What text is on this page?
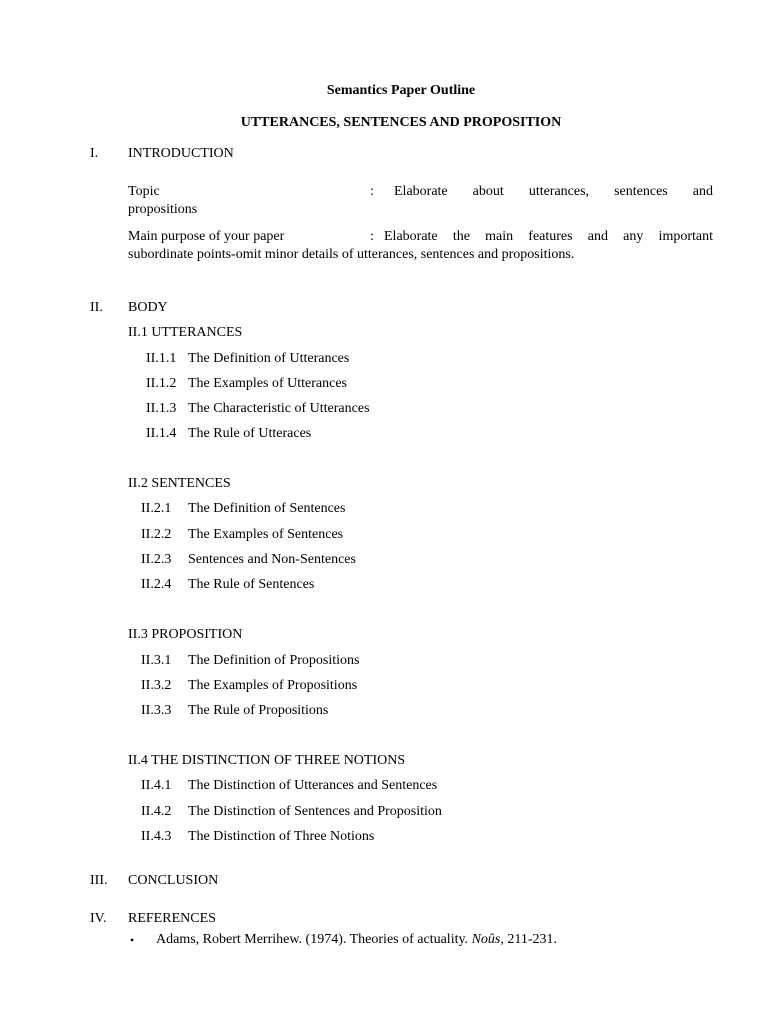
Semantics Paper Outline
UTTERANCES, SENTENCES AND PROPOSITION
I. INTRODUCTION
Topic	: Elaborate about utterances, sentences and
propositions
Main purpose of your paper	: Elaborate the main features and any important
subordinate points-omit minor details of utterances, sentences and propositions.
II. BODY
II.1 UTTERANCES
II.1.1 The Definition of Utterances
II.1.2 The Examples of Utterances
II.1.3 The Characteristic of Utterances
II.1.4 The Rule of Utteraces
II.2 SENTENCES
II.2.1 The Definition of Sentences
II.2.2 The Examples of Sentences
II.2.3 Sentences and Non-Sentences
II.2.4 The Rule of Sentences
II.3 PROPOSITION
II.3.1 The Definition of Propositions
II.3.2 The Examples of Propositions
II.3.3 The Rule of Propositions
II.4 THE DISTINCTION OF THREE NOTIONS
II.4.1 The Distinction of Utterances and Sentences
II.4.2 The Distinction of Sentences and Proposition
II.4.3 The Distinction of Three Notions
III. CONCLUSION
IV. REFERENCES
• Adams, Robert Merrihew. (1974). Theories of actuality. Noûs, 211-231.
